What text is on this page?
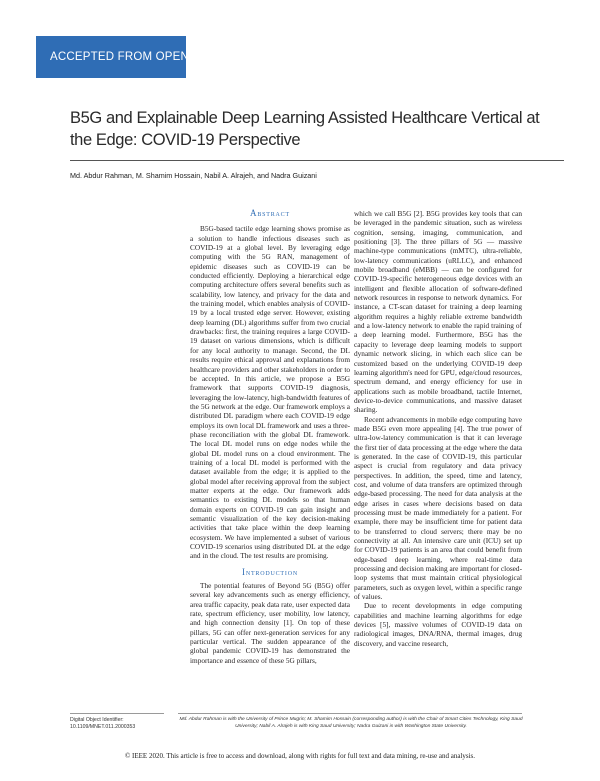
ACCEPTED FROM OPEN CALL
B5G and Explainable Deep Learning Assisted Healthcare Vertical at the Edge: COVID-19 Perspective
Md. Abdur Rahman, M. Shamim Hossain, Nabil A. Alrajeh, and Nadra Guizani
Abstract

B5G-based tactile edge learning shows promise as a solution to handle infectious diseases such as COVID-19 at a global level. By leveraging edge computing with the 5G RAN, management of epidemic diseases such as COVID-19 can be conducted efficiently. Deploying a hierarchical edge computing architecture offers several benefits such as scalability, low latency, and privacy for the data and the training model, which enables analysis of COVID-19 by a local trusted edge server. However, existing deep learning (DL) algorithms suffer from two crucial drawbacks: first, the training requires a large COVID-19 dataset on various dimensions, which is difficult for any local authority to manage. Second, the DL results require ethical approval and explanations from healthcare providers and other stakeholders in order to be accepted. In this article, we propose a B5G framework that supports COVID-19 diagnosis, leveraging the low-latency, high-bandwidth features of the 5G network at the edge. Our framework employs a distributed DL paradigm where each COVID-19 edge employs its own local DL framework and uses a three-phase reconciliation with the global DL framework. The local DL model runs on edge nodes while the global DL model runs on a cloud environment. The training of a local DL model is performed with the dataset available from the edge; it is applied to the global model after receiving approval from the subject matter experts at the edge. Our framework adds semantics to existing DL models so that human domain experts on COVID-19 can gain insight and semantic visualization of the key decision-making activities that take place within the deep learning ecosystem. We have implemented a subset of various COVID-19 scenarios using distributed DL at the edge and in the cloud. The test results are promising.

Introduction

The potential features of Beyond 5G (B5G) offer several key advancements such as energy efficiency, area traffic capacity, peak data rate, user expected data rate, spectrum efficiency, user mobility, low latency, and high connection density [1]. On top of these pillars, 5G can offer next-generation services for any particular vertical. The sudden appearance of the global pandemic COVID-19 has demonstrated the importance and essence of these 5G pillars,

which we call B5G [2]. B5G provides key tools that can be leveraged in the pandemic situation, such as wireless cognition, sensing, imaging, communication, and positioning [3]. The three pillars of 5G — massive machine-type communications (mMTC), ultra-reliable, low-latency communications (uRLLC), and enhanced mobile broadband (eMBB) — can be configured for COVID-19-specific heterogeneous edge devices with an intelligent and flexible allocation of software-defined network resources in response to network dynamics. For instance, a CT-scan dataset for training a deep learning algorithm requires a highly reliable extreme bandwidth and a low-latency network to enable the rapid training of a deep learning model. Furthermore, B5G has the capacity to leverage deep learning models to support dynamic network slicing, in which each slice can be customized based on the underlying COVID-19 deep learning algorithm's need for GPU, edge/cloud resources, spectrum demand, and energy efficiency for use in applications such as mobile broadband, tactile Internet, device-to-device communications, and massive dataset sharing.

Recent advancements in mobile edge computing have made B5G even more appealing [4]. The true power of ultra-low-latency communication is that it can leverage the first tier of data processing at the edge where the data is generated. In the case of COVID-19, this particular aspect is crucial from regulatory and data privacy perspectives. In addition, the speed, time and latency, cost, and volume of data transfers are optimized through edge-based processing. The need for data analysis at the edge arises in cases where decisions based on data processing must be made immediately for a patient. For example, there may be insufficient time for patient data to be transferred to cloud servers; there may be no connectivity at all. An intensive care unit (ICU) set up for COVID-19 patients is an area that could benefit from edge-based deep learning, where real-time data processing and decision making are important for closed-loop systems that must maintain critical physiological parameters, such as oxygen level, within a specific range of values.

Due to recent developments in edge computing capabilities and machine learning algorithms for edge devices [5], massive volumes of COVID-19 data on radiological images, DNA/RNA, thermal images, drug discovery, and vaccine research,

Digital Object Identifier: 10.1109/MNET.011.2000353
Md. Abdur Rahman is with the University of Prince Mugrin; M. Shamim Hossain (corresponding author) is with the Chair of Smart Cities Technology, King Saud University; Nabil A. Alrajeh is with King Saud University; Nadra Guizani is with Washington State University.
© IEEE 2020. This article is free to access and download, along with rights for full text and data mining, re-use and analysis.
